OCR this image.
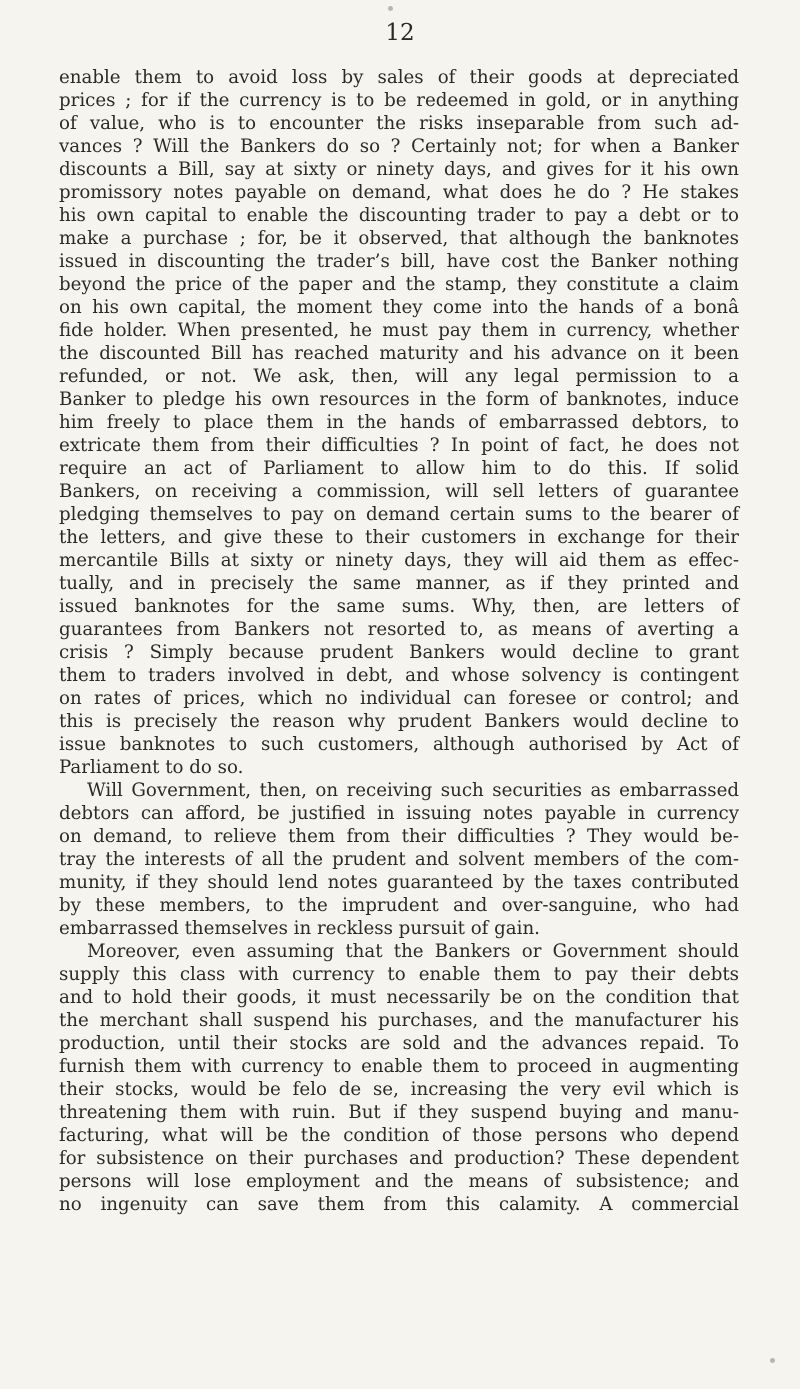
12
enable them to avoid loss by sales of their goods at depreciated
prices ; for if the currency is to be redeemed in gold, or in anything
of value, who is to encounter the risks inseparable from such ad-
vances ? Will the Bankers do so ? Certainly not; for when a Banker
discounts a Bill, say at sixty or ninety days, and gives for it his own
promissory notes payable on demand, what does he do ? He stakes
his own capital to enable the discounting trader to pay a debt or to
make a purchase ; for, be it observed, that although the banknotes
issued in discounting the trader’s bill, have cost the Banker nothing
beyond the price of the paper and the stamp, they constitute a claim
on his own capital, the moment they come into the hands of a bonâ
fide holder. When presented, he must pay them in currency, whether
the discounted Bill has reached maturity and his advance on it been
refunded, or not. We ask, then, will any legal permission to a
Banker to pledge his own resources in the form of banknotes, induce
him freely to place them in the hands of embarrassed debtors, to
extricate them from their difficulties ? In point of fact, he does not
require an act of Parliament to allow him to do this. If solid
Bankers, on receiving a commission, will sell letters of guarantee
pledging themselves to pay on demand certain sums to the bearer of
the letters, and give these to their customers in exchange for their
mercantile Bills at sixty or ninety days, they will aid them as effec-
tually, and in precisely the same manner, as if they printed and
issued banknotes for the same sums. Why, then, are letters of
guarantees from Bankers not resorted to, as means of averting a
crisis ? Simply because prudent Bankers would decline to grant
them to traders involved in debt, and whose solvency is contingent
on rates of prices, which no individual can foresee or control; and
this is precisely the reason why prudent Bankers would decline to
issue banknotes to such customers, although authorised by Act of
Parliament to do so.
Will Government, then, on receiving such securities as embarrassed
debtors can afford, be justified in issuing notes payable in currency
on demand, to relieve them from their difficulties ? They would be-
tray the interests of all the prudent and solvent members of the com-
munity, if they should lend notes guaranteed by the taxes contributed
by these members, to the imprudent and over-sanguine, who had
embarrassed themselves in reckless pursuit of gain.
Moreover, even assuming that the Bankers or Government should
supply this class with currency to enable them to pay their debts
and to hold their goods, it must necessarily be on the condition that
the merchant shall suspend his purchases, and the manufacturer his
production, until their stocks are sold and the advances repaid. To
furnish them with currency to enable them to proceed in augmenting
their stocks, would be felo de se, increasing the very evil which is
threatening them with ruin. But if they suspend buying and manu-
facturing, what will be the condition of those persons who depend
for subsistence on their purchases and production? These dependent
persons will lose employment and the means of subsistence; and
no ingenuity can save them from this calamity. A commercial
